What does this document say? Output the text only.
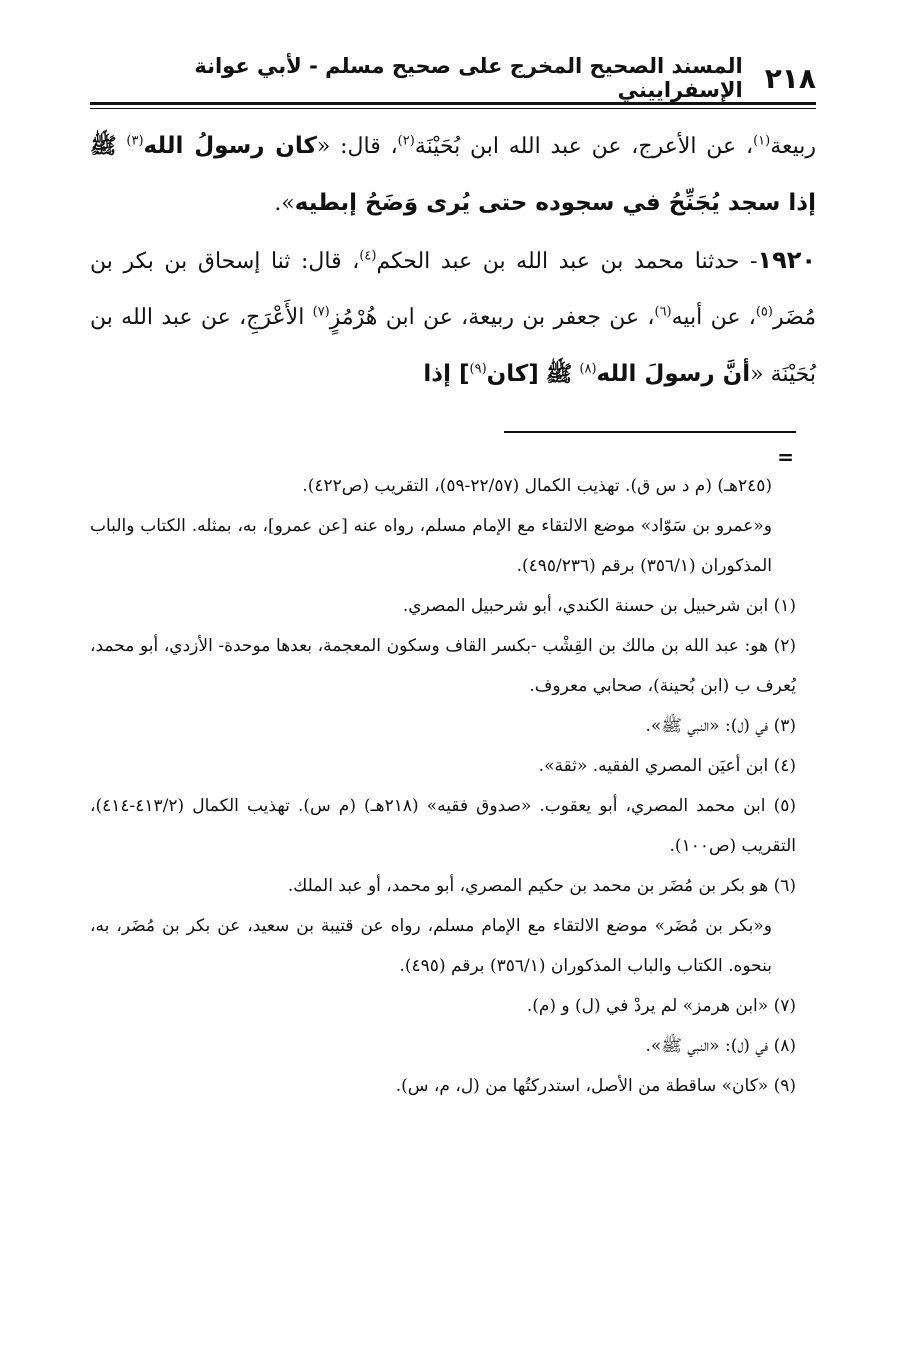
٢١٨
المسند الصحيح المخرج على صحيح مسلم - لأبي عوانة الإسفراييني

ربيعة$^{(١)}$، عن الأعرج، عن عبد الله ابن بُحَيْنَة$^{(٢)}$، قال: «كان رسولُ الله$^{(٣)}$ ﷺ إذا سجد يُجَنِّحُ في سجوده حتى يُرى وَضَحُ إبطيه».

١٩٢٠- حدثنا محمد بن عبد الله بن عبد الحكم$^{(٤)}$، قال: ثنا إسحاق بن بكر بن مُضَر$^{(٥)}$، عن أبيه$^{(٦)}$، عن جعفر بن ربيعة، عن ابن هُرْمُزٍ$^{(٧)}$ الأَعْرَجِ، عن عبد الله بن بُحَيْنَة «أنَّ رسولَ الله$^{(٨)}$ ﷺ [كان$^{(٩)}$] إذا

=

(٢٤٥هـ) (م د س ق). تهذيب الكمال (٢٢/٥٧-٥٩)، التقريب (ص٤٢٢).

و«عمرو بن سَوّاد» موضع الالتقاء مع الإمام مسلم، رواه عنه [عن عمرو]، به، بمثله. الكتاب والباب المذكوران (٣٥٦/١) برقم (٤٩٥/٢٣٦).

(١) ابن شرحبيل بن حسنة الكندي، أبو شرحبيل المصري.

(٢) هو: عبد الله بن مالك بن القِشْب -بكسر القاف وسكون المعجمة، بعدها موحدة- الأزدي، أبو محمد، يُعرف ب (ابن بُحينة)، صحابي معروف.

(٣) في (ل): «النبي ﷺ».

(٤) ابن أعيَن المصري الفقيه. «ثقة».

(٥) ابن محمد المصري، أبو يعقوب. «صدوق فقيه» (٢١٨هـ) (م س). تهذيب الكمال (٤١٣/٢-٤١٤)، التقريب (ص١٠٠).

(٦) هو بكر بن مُضَر بن محمد بن حكيم المصري، أبو محمد، أو عبد الملك.

و«بكر بن مُضَر» موضع الالتقاء مع الإمام مسلم، رواه عن قتيبة بن سعيد، عن بكر بن مُضَر، به، بنحوه. الكتاب والباب المذكوران (٣٥٦/١) برقم (٤٩٥).

(٧) «ابن هرمز» لم يردْ في (ل) و (م).

(٨) في (ل): «النبي ﷺ».

(٩) «كان» ساقطة من الأصل، استدركتُها من (ل، م، س).
